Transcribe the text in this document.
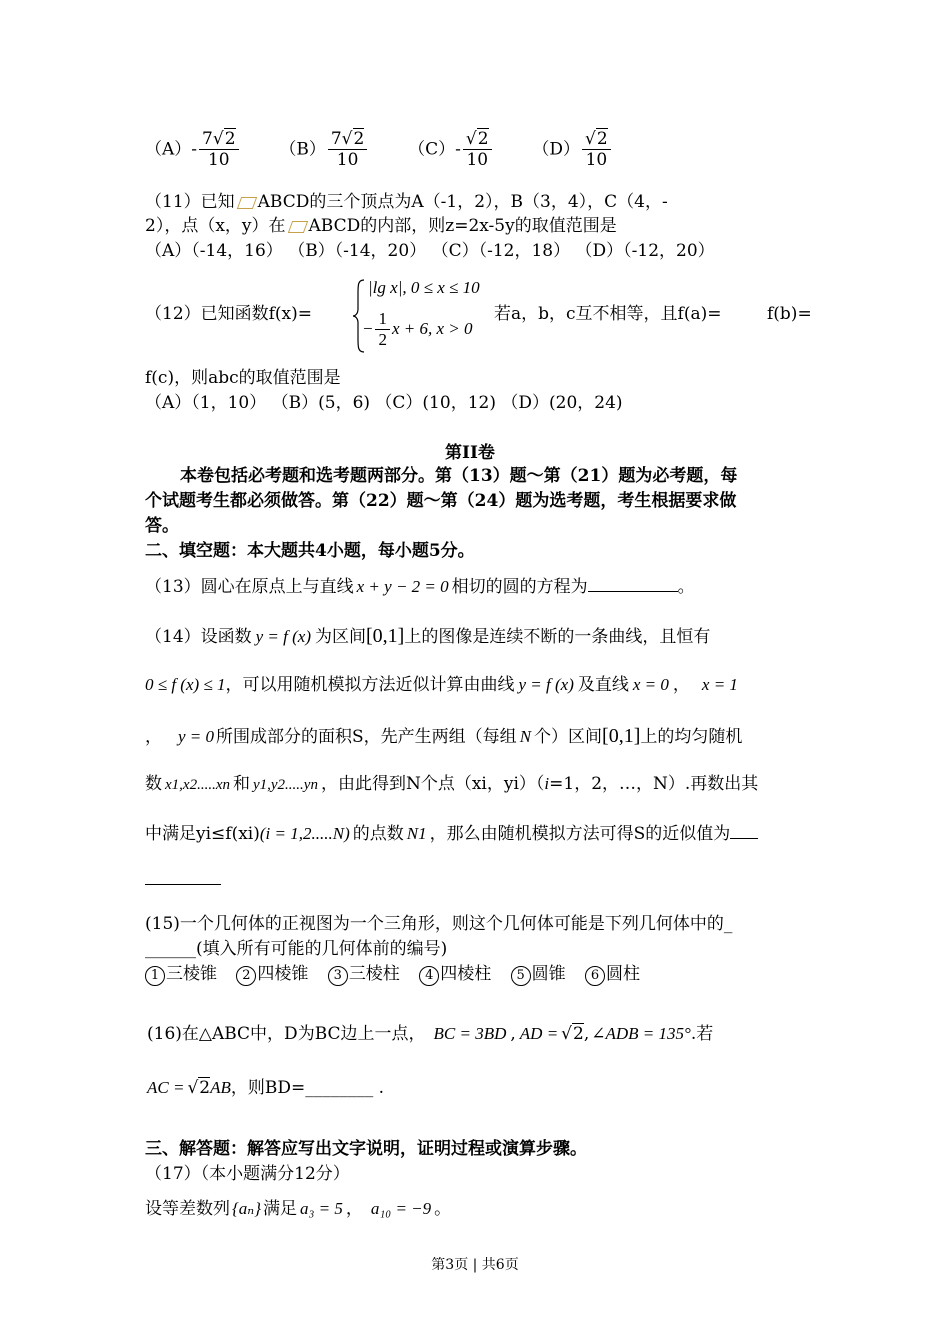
$(A)- \frac{7√2}{10} (B) \frac{7√2}{10} (C)- \frac{√2}{10} (D) \frac{√2}{10}$
（11）已知 ABCD的三个顶点为A（-1，2），B（3，4），C（4，-
2），点（x，y）在 ABCD的内部，则z=2x-5y的取值范围是
（A）（-14，16） （B）（-14，20） （C）（-12，18） （D）（-12，20）
（12）已知函数f(x)=
|lg x|, 0 ≤ x ≤ 10
− $\frac{1}{2}$ x + 6, x > 0
若a，b，c互不相等，且f(a)=	f(b)=
f(c)，则abc的取值范围是
（A）（1，10） （B）(5，6) （C）(10，12) （D）(20，24)
第II卷
本卷包括必考题和选考题两部分。第（13）题～第（21）题为必考题，每
个试题考生都必须做答。第（22）题～第（24）题为选考题，考生根据要求做
答。
二、填空题：本大题共4小题，每小题5分。
（13）圆心在原点上与直线 x + y − 2 = 0 相切的圆的方程为	。
（14）设函数 y = f (x) 为区间[0,1]上的图像是连续不断的一条曲线，且恒有
0 ≤ f (x) ≤ 1，可以用随机模拟方法近似计算由曲线 y = f (x) 及直线 x = 0 ， x = 1
， y = 0 所围成部分的面积S，先产生两组（每组 N 个）区间[0,1]上的均匀随机
数 x1,x2.....xn 和 y1,y2.....yn ，由此得到N个点（xi，yi）（i=1，2，…，N）.再数出其
中满足yi≤f(xi)(i = 1,2.....N) 的点数 N1 ，那么由随机模拟方法可得S的近似值为
(15)一个几何体的正视图为一个三角形，则这个几何体可能是下列几何体中的_
______(填入所有可能的几何体前的编号)
1 三棱锥 2 四棱锥 3 三棱柱 4 四棱柱 5 圆锥 6 圆柱
(16)在△ABC中，D为BC边上一点， BC = 3BD , AD = √2, ∠ADB = 135°.若
AC = √2AB，则BD=________ .
三、解答题：解答应写出文字说明，证明过程或演算步骤。
（17）（本小题满分12分）
设等差数列 {aₙ} 满足 a₃ = 5 ， a₁₀ = −9 。
第3页 | 共6页
